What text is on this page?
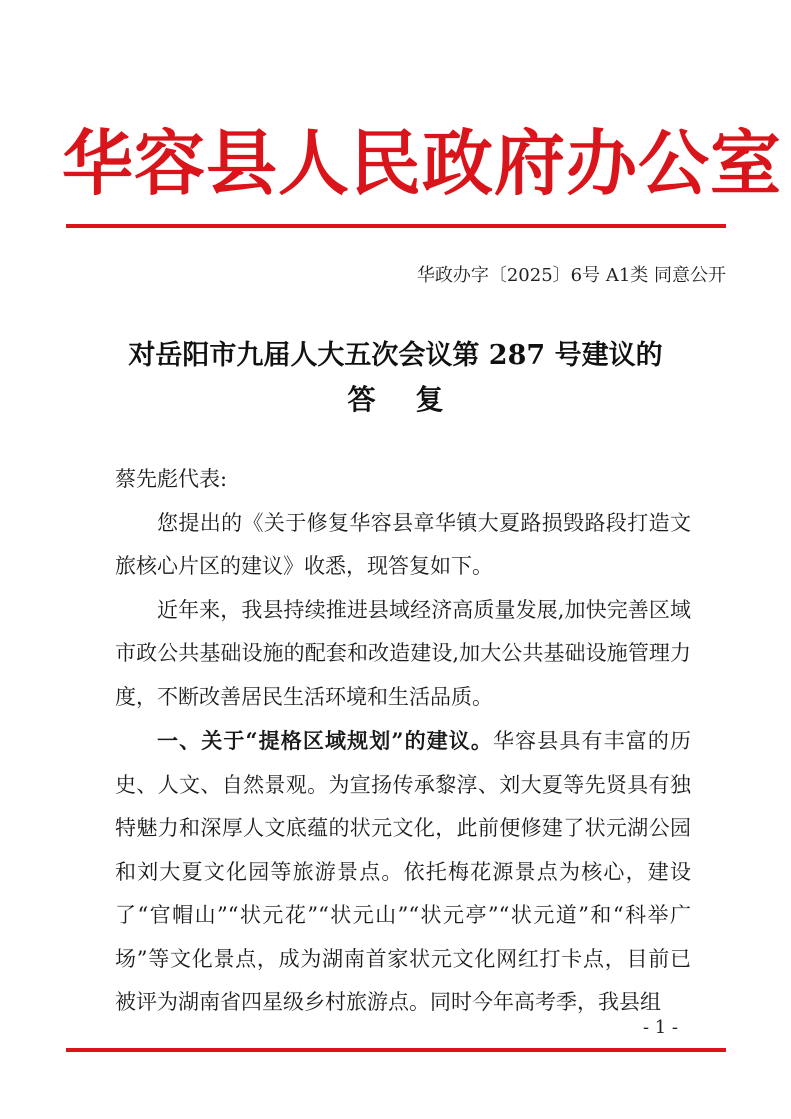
华容县人民政府办公室
华政办字〔2025〕6号 A1类 同意公开
对岳阳市九届人大五次会议第 287 号建议的
答复

蔡先彪代表:

您提出的《关于修复华容县章华镇大夏路损毁路段打造文旅核心片区的建议》收悉，现答复如下。

近年来，我县持续推进县域经济高质量发展,加快完善区域市政公共基础设施的配套和改造建设,加大公共基础设施管理力度，不断改善居民生活环境和生活品质。

一、关于“提格区域规划”的建议。华容县具有丰富的历史、人文、自然景观。为宣扬传承黎淳、刘大夏等先贤具有独特魅力和深厚人文底蕴的状元文化，此前便修建了状元湖公园和刘大夏文化园等旅游景点。依托梅花源景点为核心，建设了“官帽山”“状元花”“状元山”“状元亭”“状元道”和“科举广场”等文化景点，成为湖南首家状元文化网红打卡点，目前已被评为湖南省四星级乡村旅游点。同时今年高考季，我县组

- 1 -
